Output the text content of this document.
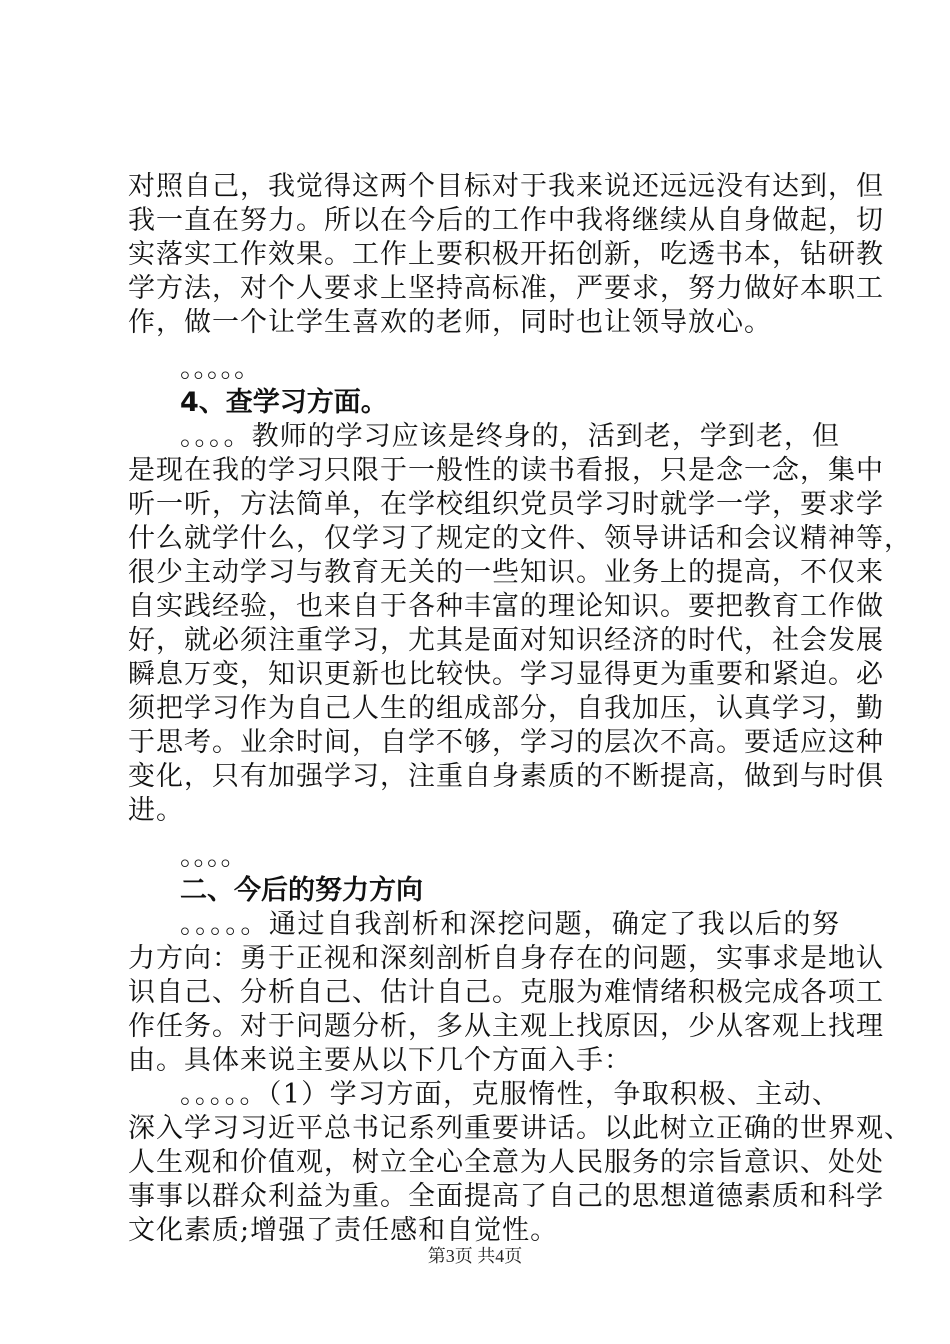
对照自己，我觉得这两个目标对于我来说还远远没有达到，但
我一直在努力。所以在今后的工作中我将继续从自身做起，切
实落实工作效果。工作上要积极开拓创新，吃透书本，钻研教
学方法，对个人要求上坚持高标准，严要求，努力做好本职工
作，做一个让学生喜欢的老师，同时也让领导放心。
。。。。。
4、查学习方面。
。。。。教师的学习应该是终身的，活到老，学到老，但
是现在我的学习只限于一般性的读书看报，只是念一念，集中
听一听，方法简单，在学校组织党员学习时就学一学，要求学
什么就学什么，仅学习了规定的文件、领导讲话和会议精神等，
很少主动学习与教育无关的一些知识。业务上的提高，不仅来
自实践经验，也来自于各种丰富的理论知识。要把教育工作做
好，就必须注重学习，尤其是面对知识经济的时代，社会发展
瞬息万变，知识更新也比较快。学习显得更为重要和紧迫。必
须把学习作为自己人生的组成部分，自我加压，认真学习，勤
于思考。业余时间，自学不够，学习的层次不高。要适应这种
变化，只有加强学习，注重自身素质的不断提高，做到与时俱
进。
。。。。
二、今后的努力方向
。。。。。通过自我剖析和深挖问题，确定了我以后的努
力方向：勇于正视和深刻剖析自身存在的问题，实事求是地认
识自己、分析自己、估计自己。克服为难情绪积极完成各项工
作任务。对于问题分析，多从主观上找原因，少从客观上找理
由。具体来说主要从以下几个方面入手：
。。。。。（1）学习方面，克服惰性，争取积极、主动、
深入学习习近平总书记系列重要讲话。以此树立正确的世界观、
人生观和价值观，树立全心全意为人民服务的宗旨意识、处处
事事以群众利益为重。全面提高了自己的思想道德素质和科学
文化素质;增强了责任感和自觉性。
第3页 共4页
